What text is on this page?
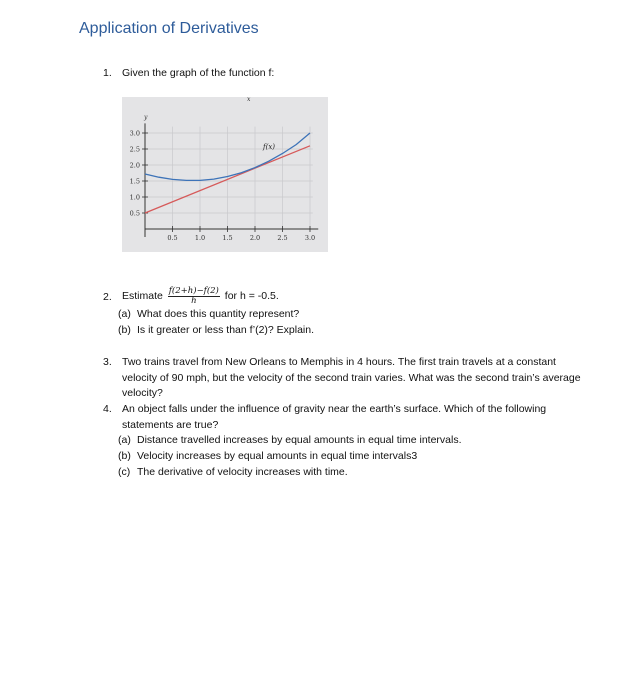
Application of Derivatives
1. Given the graph of the function f:
3.0
2.5
2.0
1.5
1.0
0.5
0.5	1.0	1.5	2.0	2.5	3.0
y
x
f(x)
2. Estimate $\frac{f(2+h)-f(2)}{h}$ for h = -0.5.
(a) What does this quantity represent?
(b) Is it greater or less than f’(2)? Explain.
3. Two trains travel from New Orleans to Memphis in 4 hours. The first train travels at a constant velocity of 90 mph, but the velocity of the second train varies. What was the second train’s average velocity?
4. An object falls under the influence of gravity near the earth’s surface. Which of the following statements are true?
(a) Distance travelled increases by equal amounts in equal time intervals.
(b) Velocity increases by equal amounts in equal time intervals3
(c) The derivative of velocity increases with time.
